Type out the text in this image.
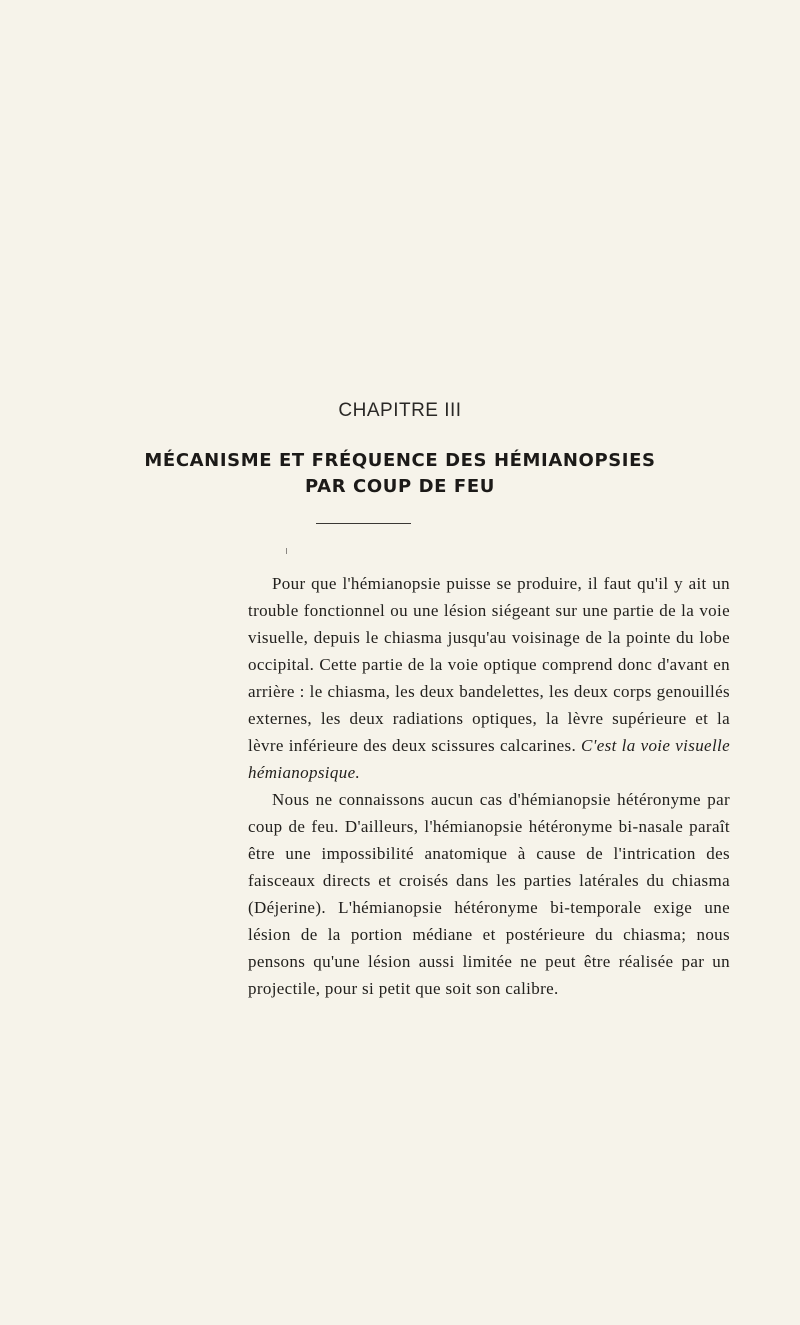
CHAPITRE III
MÉCANISME ET FRÉQUENCE DES HÉMIANOPSIES
PAR COUP DE FEU

Pour que l'hémianopsie puisse se produire, il faut qu'il y ait un trouble fonctionnel ou une lésion siégeant sur une partie de la voie visuelle, depuis le chiasma jusqu'au voisinage de la pointe du lobe occipital. Cette partie de la voie optique comprend donc d'avant en arrière : le chiasma, les deux bandelettes, les deux corps genouillés externes, les deux radiations optiques, la lèvre supérieure et la lèvre inférieure des deux scissures calcarines. C'est la voie visuelle hémianopsique.

Nous ne connaissons aucun cas d'hémianopsie hétéronyme par coup de feu. D'ailleurs, l'hémianopsie hétéronyme bi-nasale paraît être une impossibilité anatomique à cause de l'intrication des faisceaux directs et croisés dans les parties latérales du chiasma (Déjerine). L'hémianopsie hétéronyme bi-temporale exige une lésion de la portion médiane et postérieure du chiasma; nous pensons qu'une lésion aussi limitée ne peut être réalisée par un projectile, pour si petit que soit son calibre.
